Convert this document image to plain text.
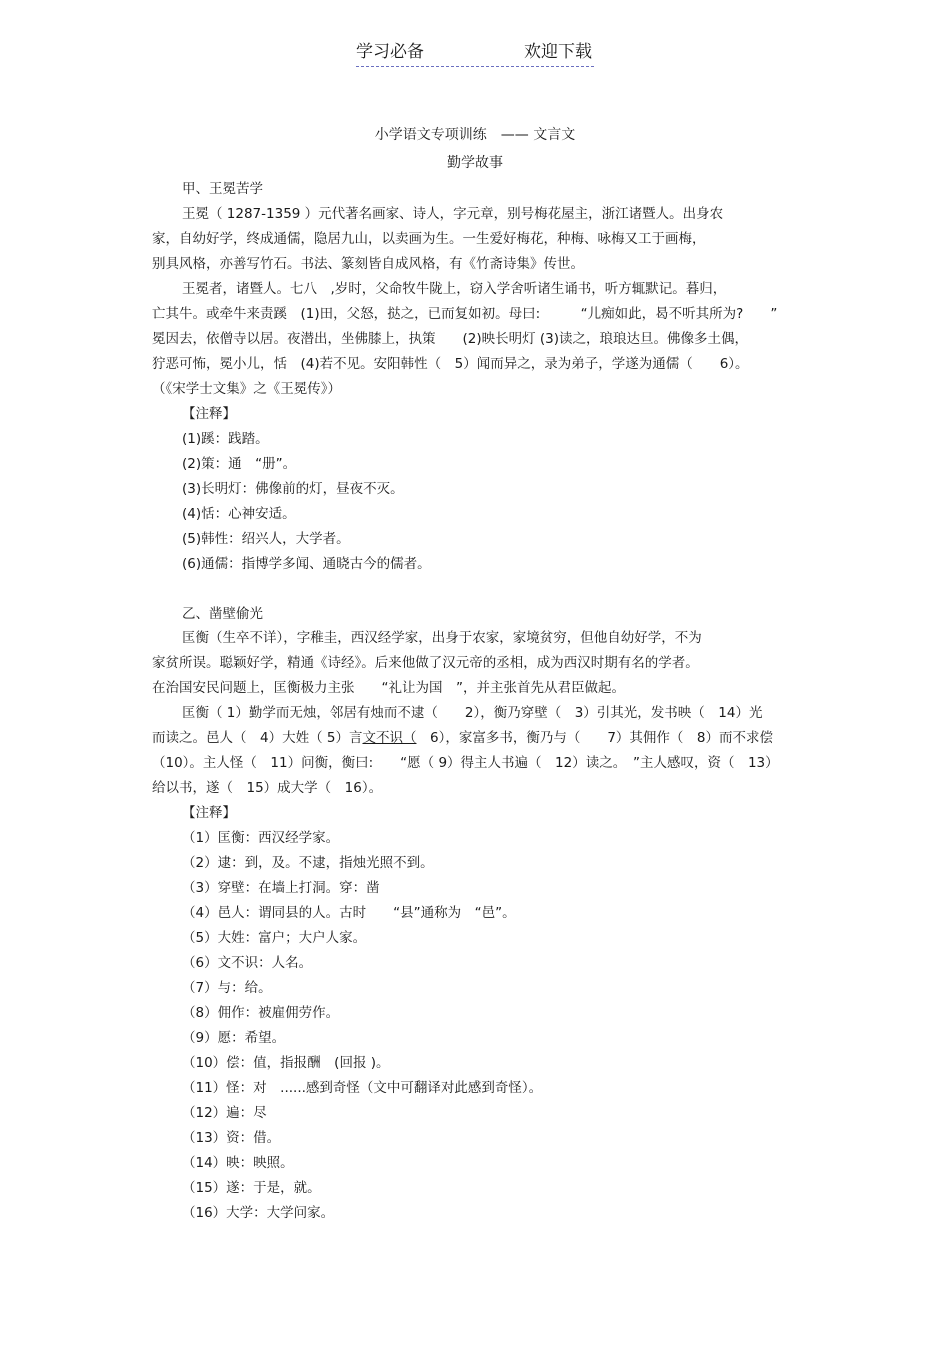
学习必备	欢迎下载
小学语文专项训练　—— 文言文
勤学故事
甲、王冕苦学
王冕（ 1287-1359 ）元代著名画家、诗人，字元章，别号梅花屋主，浙江诸暨人。出身农
家，自幼好学，终成通儒，隐居九山，以卖画为生。一生爱好梅花，种梅、咏梅又工于画梅，
别具风格，亦善写竹石。书法、篆刻皆自成风格，有《竹斋诗集》传世。
王冕者，诸暨人。七八　,岁时，父命牧牛陇上，窃入学舍听诸生诵书，听方辄默记。暮归，
亡其牛。或牵牛来责蹊　(1)田，父怒，挞之，已而复如初。母曰:　　　“儿痴如此，曷不听其所为?　　”
冕因去，依僧寺以居。夜潜出，坐佛膝上，执策　　(2)映长明灯 (3)读之，琅琅达旦。佛像多土偶，
狞恶可怖，冕小儿，恬　(4)若不见。安阳韩性（　5）闻而异之，录为弟子，学遂为通儒（　　6）。
（《宋学士文集》之《王冕传》）
【注释】
(1)蹊：践踏。
(2)策：通　“册”。
(3)长明灯：佛像前的灯，昼夜不灭。
(4)恬：心神安适。
(5)韩性：绍兴人，大学者。
(6)通儒：指博学多闻、通晓古今的儒者。
乙、凿壁偷光
匡衡（生卒不详），字稚圭，西汉经学家，出身于农家，家境贫穷，但他自幼好学，不为
家贫所误。聪颖好学，精通《诗经》。后来他做了汉元帝的丞相，成为西汉时期有名的学者。
在治国安民问题上，匡衡极力主张　　“礼让为国　”，并主张首先从君臣做起。
匡衡（ 1）勤学而无烛，邻居有烛而不逮（　　2），衡乃穿壁（　3）引其光，发书映（　14）光
而读之。邑人（　4）大姓（ 5）言文不识（　6），家富多书，衡乃与（　　7）其佣作（　8）而不求偿
（10）。主人怪（　11）问衡，衡曰:　　“愿（ 9）得主人书遍（　12）读之。　”主人感叹，资（　13）
给以书，遂（　15）成大学（　16）。
【注释】
（1）匡衡：西汉经学家。
（2）逮：到，及。不逮，指烛光照不到。
（3）穿壁：在墙上打洞。穿：凿
（4）邑人：谓同县的人。古时　　“县”通称为　“邑”。
（5）大姓：富户；大户人家。
（6）文不识：人名。
（7）与：给。
（8）佣作：被雇佣劳作。
（9）愿：希望。
（10）偿：值，指报酬　(回报 )。
（11）怪：对　......感到奇怪（文中可翻译对此感到奇怪）。
（12）遍：尽
（13）资：借。
（14）映：映照。
（15）遂：于是，就。
（16）大学：大学问家。
